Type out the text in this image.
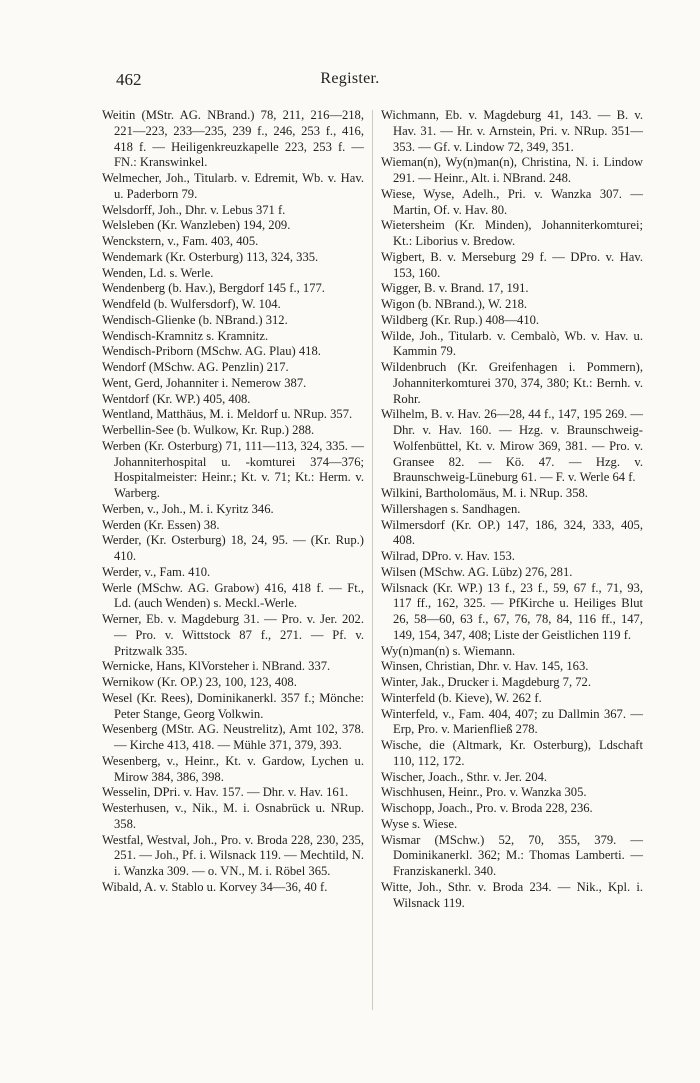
462	Register.

Weitin (MStr. AG. NBrand.) 78, 211, 216—218, 221—223, 233—235, 239 f., 246, 253 f., 416, 418 f. — Heiligenkreuzkapelle 223, 253 f. — FN.: Kranswinkel.

Welmecher, Joh., Titularb. v. Edremit, Wb. v. Hav. u. Paderborn 79.

Welsdorff, Joh., Dhr. v. Lebus 371 f.

Welsleben (Kr. Wanzleben) 194, 209.

Wenckstern, v., Fam. 403, 405.

Wendemark (Kr. Osterburg) 113, 324, 335.

Wenden, Ld. s. Werle.

Wendenberg (b. Hav.), Bergdorf 145 f., 177.

Wendfeld (b. Wulfersdorf), W. 104.

Wendisch-Glienke (b. NBrand.) 312.

Wendisch-Kramnitz s. Kramnitz.

Wendisch-Priborn (MSchw. AG. Plau) 418.

Wendorf (MSchw. AG. Penzlin) 217.

Went, Gerd, Johanniter i. Nemerow 387.

Wentdorf (Kr. WP.) 405, 408.

Wentland, Matthäus, M. i. Meldorf u. NRup. 357.

Werbellin-See (b. Wulkow, Kr. Rup.) 288.

Werben (Kr. Osterburg) 71, 111—113, 324, 335. — Johanniterhospital u. -komturei 374—376; Hospitalmeister: Heinr.; Kt. v. 71; Kt.: Herm. v. Warberg.

Werben, v., Joh., M. i. Kyritz 346.

Werden (Kr. Essen) 38.

Werder, (Kr. Osterburg) 18, 24, 95. — (Kr. Rup.) 410.

Werder, v., Fam. 410.

Werle (MSchw. AG. Grabow) 416, 418 f. — Ft., Ld. (auch Wenden) s. Meckl.-Werle.

Werner, Eb. v. Magdeburg 31. — Pro. v. Jer. 202. — Pro. v. Wittstock 87 f., 271. — Pf. v. Pritzwalk 335.

Wernicke, Hans, KlVorsteher i. NBrand. 337.

Wernikow (Kr. OP.) 23, 100, 123, 408.

Wesel (Kr. Rees), Dominikanerkl. 357 f.; Mönche: Peter Stange, Georg Volkwin.

Wesenberg (MStr. AG. Neustrelitz), Amt 102, 378. — Kirche 413, 418. — Mühle 371, 379, 393.

Wesenberg, v., Heinr., Kt. v. Gardow, Lychen u. Mirow 384, 386, 398.

Wesselin, DPri. v. Hav. 157. — Dhr. v. Hav. 161.

Westerhusen, v., Nik., M. i. Osnabrück u. NRup. 358.

Westfal, Westval, Joh., Pro. v. Broda 228, 230, 235, 251. — Joh., Pf. i. Wilsnack 119. — Mechtild, N. i. Wanzka 309. — o. VN., M. i. Röbel 365.

Wibald, A. v. Stablo u. Korvey 34—36, 40 f.

Wichmann, Eb. v. Magdeburg 41, 143. — B. v. Hav. 31. — Hr. v. Arnstein, Pri. v. NRup. 351—353. — Gf. v. Lindow 72, 349, 351.

Wieman(n), Wy(n)man(n), Christina, N. i. Lindow 291. — Heinr., Alt. i. NBrand. 248.

Wiese, Wyse, Adelh., Pri. v. Wanzka 307. — Martin, Of. v. Hav. 80.

Wietersheim (Kr. Minden), Johanniterkomturei; Kt.: Liborius v. Bredow.

Wigbert, B. v. Merseburg 29 f. — DPro. v. Hav. 153, 160.

Wigger, B. v. Brand. 17, 191.

Wigon (b. NBrand.), W. 218.

Wildberg (Kr. Rup.) 408—410.

Wilde, Joh., Titularb. v. Cembalò, Wb. v. Hav. u. Kammin 79.

Wildenbruch (Kr. Greifenhagen i. Pommern), Johanniterkomturei 370, 374, 380; Kt.: Bernh. v. Rohr.

Wilhelm, B. v. Hav. 26—28, 44 f., 147, 195 269. — Dhr. v. Hav. 160. — Hzg. v. Braunschweig-Wolfenbüttel, Kt. v. Mirow 369, 381. — Pro. v. Gransee 82. — Kö. 47. — Hzg. v. Braunschweig-Lüneburg 61. — F. v. Werle 64 f.

Wilkini, Bartholomäus, M. i. NRup. 358.

Willershagen s. Sandhagen.

Wilmersdorf (Kr. OP.) 147, 186, 324, 333, 405, 408.

Wilrad, DPro. v. Hav. 153.

Wilsen (MSchw. AG. Lübz) 276, 281.

Wilsnack (Kr. WP.) 13 f., 23 f., 59, 67 f., 71, 93, 117 ff., 162, 325. — PfKirche u. Heiliges Blut 26, 58—60, 63 f., 67, 76, 78, 84, 116 ff., 147, 149, 154, 347, 408; Liste der Geistlichen 119 f.

Wy(n)man(n) s. Wiemann.

Winsen, Christian, Dhr. v. Hav. 145, 163.

Winter, Jak., Drucker i. Magdeburg 7, 72.

Winterfeld (b. Kieve), W. 262 f.

Winterfeld, v., Fam. 404, 407; zu Dallmin 367. — Erp, Pro. v. Marienfließ 278.

Wische, die (Altmark, Kr. Osterburg), Ldschaft 110, 112, 172.

Wischer, Joach., Sthr. v. Jer. 204.

Wischhusen, Heinr., Pro. v. Wanzka 305.

Wischopp, Joach., Pro. v. Broda 228, 236.

Wyse s. Wiese.

Wismar (MSchw.) 52, 70, 355, 379. — Dominikanerkl. 362; M.: Thomas Lamberti. — Franziskanerkl. 340.

Witte, Joh., Sthr. v. Broda 234. — Nik., Kpl. i. Wilsnack 119.
